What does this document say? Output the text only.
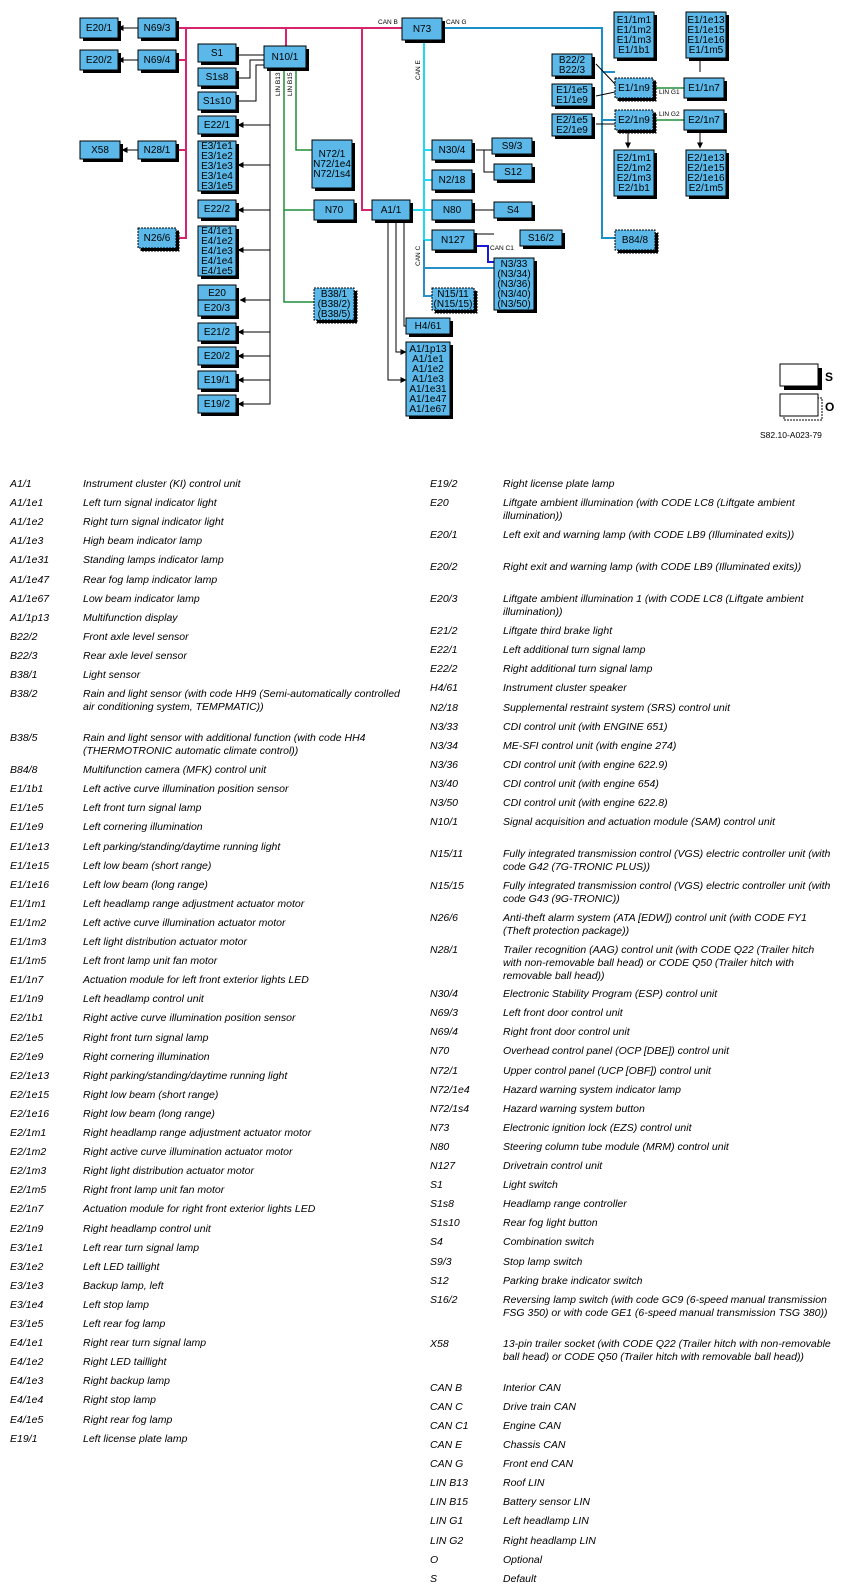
CAN B	CAN G
CAN E
CAN C	CAN C1
LIN B13 LIN B15	LIN G1
LIN G2
E20/1	N69/3
E20/2	N69/4
S1
S1s8
S1s10
N10/1
N73
E22/1
X58	N28/1	E3/1e1
E3/1e2
E3/1e3
E3/1e4
E3/1e5
E22/2
N26/6
E4/1e1
E4/1e2
E4/1e3
E4/1e4
E4/1e5
E20
E20/3
E21/2
E20/2
E19/1
E19/2
N72/1
N72/1e4
N72/1s4
N70	A1/1
B38/1
(B38/2)
(B38/5)
H4/61
A1/1p13
A1/1e1
A1/1e2
A1/1e3
A1/1e31
A1/1e47
A1/1e67
N30/4	S9/3
S12
N2/18
N80	S4
N127	S16/2
N3/33
(N3/34)
(N3/36)
(N3/40)
(N3/50)
N15/11
(N15/15)
B22/2
B22/3
E1/1m1
E1/1m2
E1/1m3
E1/1b1
E1/1e13
E1/1e15
E1/1e16
E1/1m5
E1/1e5
E1/1e9
E1/1n9	E1/1n7
E2/1e5
E2/1e9
E2/1n9	E2/1n7
E2/1m1
E2/1m2
E2/1m3
E2/1b1
E2/1e13
E2/1e15
E2/1e16
E2/1m5
B84/8
S
O
S82.10-A023-79
A1/1	Instrument cluster (KI) control unit
A1/1e1	Left turn signal indicator light
A1/1e2	Right turn signal indicator light
A1/1e3	High beam indicator lamp
A1/1e31	Standing lamps indicator lamp
A1/1e47	Rear fog lamp indicator lamp
A1/1e67	Low beam indicator lamp
A1/1p13	Multifunction display
B22/2	Front axle level sensor
B22/3	Rear axle level sensor
B38/1	Light sensor
B38/2	Rain and light sensor (with code HH9 (Semi-automatically controlled air conditioning system, TEMPMATIC))
B38/5	Rain and light sensor with additional function (with code HH4 (THERMOTRONIC automatic climate control))
B84/8	Multifunction camera (MFK) control unit
E1/1b1	Left active curve illumination position sensor
E1/1e5	Left front turn signal lamp
E1/1e9	Left cornering illumination
E1/1e13	Left parking/standing/daytime running light
E1/1e15	Left low beam (short range)
E1/1e16	Left low beam (long range)
E1/1m1	Left headlamp range adjustment actuator motor
E1/1m2	Left active curve illumination actuator motor
E1/1m3	Left light distribution actuator motor
E1/1m5	Left front lamp unit fan motor
E1/1n7	Actuation module for left front exterior lights LED
E1/1n9	Left headlamp control unit
E2/1b1	Right active curve illumination position sensor
E2/1e5	Right front turn signal lamp
E2/1e9	Right cornering illumination
E2/1e13	Right parking/standing/daytime running light
E2/1e15	Right low beam (short range)
E2/1e16	Right low beam (long range)
E2/1m1	Right headlamp range adjustment actuator motor
E2/1m2	Right active curve illumination actuator motor
E2/1m3	Right light distribution actuator motor
E2/1m5	Right front lamp unit fan motor
E2/1n7	Actuation module for right front exterior lights LED
E2/1n9	Right headlamp control unit
E3/1e1	Left rear turn signal lamp
E3/1e2	Left LED taillight
E3/1e3	Backup lamp, left
E3/1e4	Left stop lamp
E3/1e5	Left rear fog lamp
E4/1e1	Right rear turn signal lamp
E4/1e2	Right LED taillight
E4/1e3	Right backup lamp
E4/1e4	Right stop lamp
E4/1e5	Right rear fog lamp
E19/1	Left license plate lamp
E19/2	Right license plate lamp
E20	Liftgate ambient illumination (with CODE LC8 (Liftgate ambient illumination))
E20/1	Left exit and warning lamp (with CODE LB9 (Illuminated exits))
E20/2	Right exit and warning lamp (with CODE LB9 (Illuminated exits))
E20/3	Liftgate ambient illumination 1 (with CODE LC8 (Liftgate ambient illumination))
E21/2	Liftgate third brake light
E22/1	Left additional turn signal lamp
E22/2	Right additional turn signal lamp
H4/61	Instrument cluster speaker
N2/18	Supplemental restraint system (SRS) control unit
N3/33	CDI control unit (with ENGINE 651)
N3/34	ME-SFI control unit (with engine 274)
N3/36	CDI control unit (with engine 622.9)
N3/40	CDI control unit (with engine 654)
N3/50	CDI control unit (with engine 622.8)
N10/1	Signal acquisition and actuation module (SAM) control unit
N15/11	Fully integrated transmission control (VGS) electric controller unit (with code G42 (7G-TRONIC PLUS))
N15/15	Fully integrated transmission control (VGS) electric controller unit (with code G43 (9G-TRONIC))
N26/6	Anti-theft alarm system (ATA [EDW]) control unit (with CODE FY1 (Theft protection package))
N28/1	Trailer recognition (AAG) control unit (with CODE Q22 (Trailer hitch with non-removable ball head) or CODE Q50 (Trailer hitch with removable ball head))
N30/4	Electronic Stability Program (ESP) control unit
N69/3	Left front door control unit
N69/4	Right front door control unit
N70	Overhead control panel (OCP [DBE]) control unit
N72/1	Upper control panel (UCP [OBF]) control unit
N72/1e4	Hazard warning system indicator lamp
N72/1s4	Hazard warning system button
N73	Electronic ignition lock (EZS) control unit
N80	Steering column tube module (MRM) control unit
N127	Drivetrain control unit
S1	Light switch
S1s8	Headlamp range controller
S1s10	Rear fog light button
S4	Combination switch
S9/3	Stop lamp switch
S12	Parking brake indicator switch
S16/2	Reversing lamp switch (with code GC9 (6-speed manual transmission FSG 350) or with code GE1 (6-speed manual transmission TSG 380))
X58	13-pin trailer socket (with CODE Q22 (Trailer hitch with non-removable ball head) or CODE Q50 (Trailer hitch with removable ball head))
CAN B	Interior CAN
CAN C	Drive train CAN
CAN C1	Engine CAN
CAN E	Chassis CAN
CAN G	Front end CAN
LIN B13	Roof LIN
LIN B15	Battery sensor LIN
LIN G1	Left headlamp LIN
LIN G2	Right headlamp LIN
O	Optional
S	Default
